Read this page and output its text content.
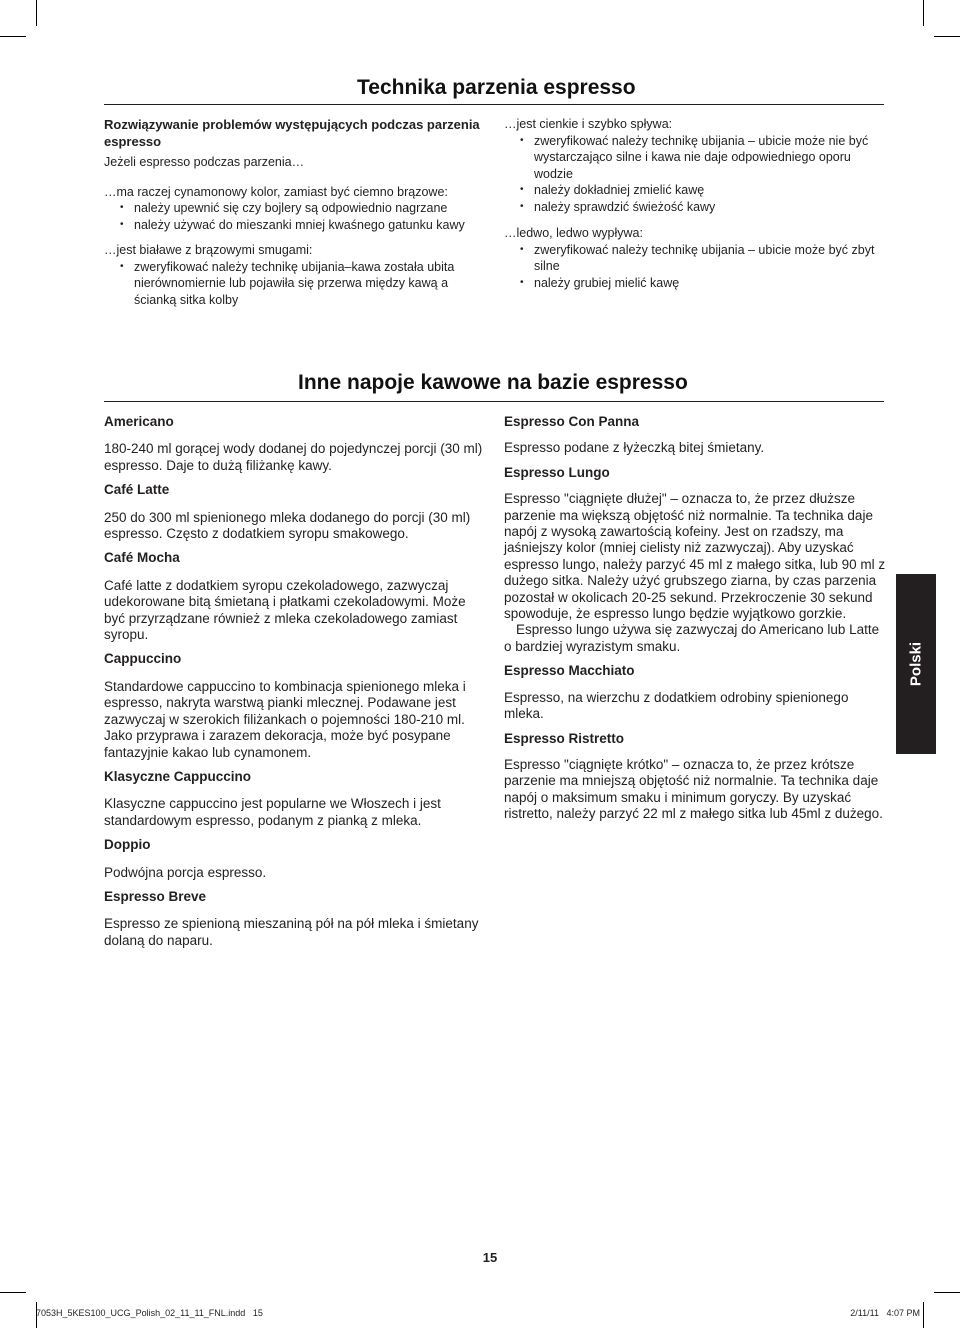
Technika parzenia espresso

Rozwiązywanie problemów występujących podczas parzenia espresso

Jeżeli espresso podczas parzenia…

…ma raczej cynamonowy kolor, zamiast być ciemno brązowe:

• należy upewnić się czy bojlery są odpowiednio nagrzane
• należy używać do mieszanki mniej kwaśnego gatunku kawy

…jest białawe z brązowymi smugami:

• zweryfikować należy technikę ubijania‒kawa została ubita nierównomiernie lub pojawiła się przerwa między kawą a ścianką sitka kolby

…jest cienkie i szybko spływa:

• zweryfikować należy technikę ubijania – ubicie może nie być wystarczająco silne i kawa nie daje odpowiedniego oporu wodzie
• należy dokładniej zmielić kawę
• należy sprawdzić świeżość kawy

…ledwo, ledwo wypływa:

• zweryfikować należy technikę ubijania – ubicie może być zbyt silne
• należy grubiej mielić kawę
Inne napoje kawowe na bazie espresso

Americano

180-240 ml gorącej wody dodanej do pojedynczej porcji (30 ml) espresso. Daje to dużą filiżankę kawy.

Café Latte

250 do 300 ml spienionego mleka dodanego do porcji (30 ml) espresso. Często z dodatkiem syropu smakowego.

Café Mocha

Café latte z dodatkiem syropu czekoladowego, zazwyczaj udekorowane bitą śmietaną i płatkami czekoladowymi. Może być przyrządzane również z mleka czekoladowego zamiast syropu.

Cappuccino

Standardowe cappuccino to kombinacja spienionego mleka i espresso, nakryta warstwą pianki mlecznej. Podawane jest zazwyczaj w szerokich filiżankach o pojemności 180-210 ml. Jako przyprawa i zarazem dekoracja, może być posypane fantazyjnie kakao lub cynamonem.

Klasyczne Cappuccino

Klasyczne cappuccino jest popularne we Włoszech i jest standardowym espresso, podanym z pianką z mleka.

Doppio

Podwójna porcja espresso.

Espresso Breve

Espresso ze spienioną mieszaniną pół na pół mleka i śmietany dolaną do naparu.

Espresso Con Panna

Espresso podane z łyżeczką bitej śmietany.

Espresso Lungo

Espresso "ciągnięte dłużej" – oznacza to, że przez dłuższe parzenie ma większą objętość niż normalnie. Ta technika daje napój z wysoką zawartością kofeiny. Jest on rzadszy, ma jaśniejszy kolor (mniej cielisty niż zazwyczaj). Aby uzyskać espresso lungo, należy parzyć 45 ml z małego sitka, lub 90 ml z dużego sitka. Należy użyć grubszego ziarna, by czas parzenia pozostał w okolicach 20-25 sekund. Przekroczenie 30 sekund spowoduje, że espresso lungo będzie wyjątkowo gorzkie.

Espresso lungo używa się zazwyczaj do Americano lub Latte o bardziej wyrazistym smaku.

Espresso Macchiato

Espresso, na wierzchu z dodatkiem odrobiny spienionego mleka.

Espresso Ristretto

Espresso "ciągnięte krótko" – oznacza to, że przez krótsze parzenie ma mniejszą objętość niż normalnie. Ta technika daje napój o maksimum smaku i minimum goryczy. By uzyskać ristretto, należy parzyć 22 ml z małego sitka lub 45ml z dużego.

Polski
15
7053H_5KES100_UCG_Polish_02_11_11_FNL.indd   15	2/11/11   4:07 PM
